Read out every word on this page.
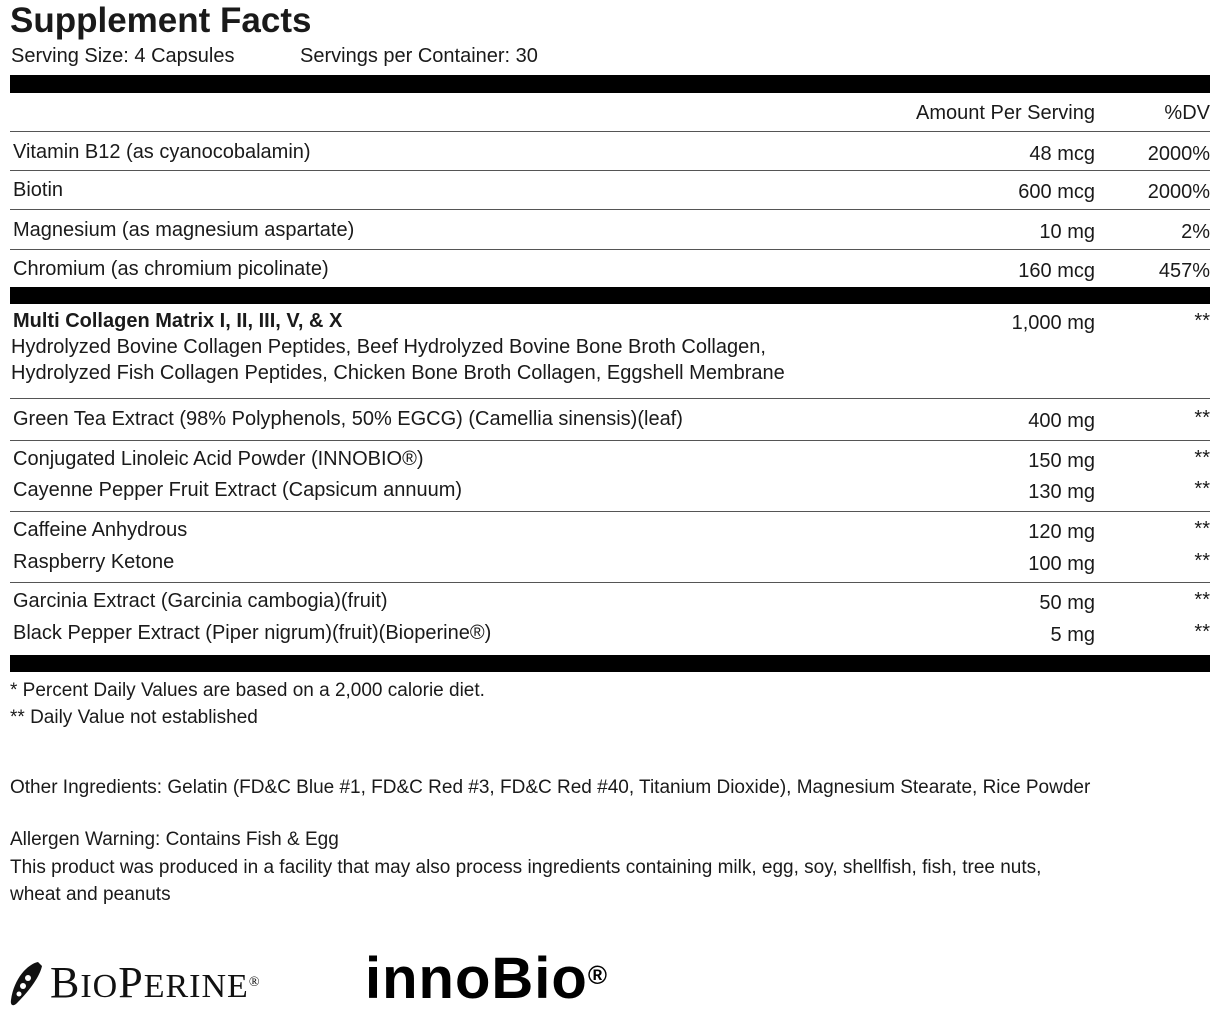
Supplement Facts
Serving Size: 4 Capsules	Servings per Container: 30
Amount Per Serving	%DV
Vitamin B12 (as cyanocobalamin)	48 mcg	2000%
Biotin	600 mcg	2000%
Magnesium (as magnesium aspartate)	10 mg	2%
Chromium (as chromium picolinate)	160 mcg	457%
Multi Collagen Matrix I, II, III, V, & X	1,000 mg	**
Hydrolyzed Bovine Collagen Peptides, Beef Hydrolyzed Bovine Bone Broth Collagen,
Hydrolyzed Fish Collagen Peptides, Chicken Bone Broth Collagen, Eggshell Membrane
Green Tea Extract (98% Polyphenols, 50% EGCG) (Camellia sinensis)(leaf)	400 mg	**
Conjugated Linoleic Acid Powder (INNOBIO®)	150 mg	**
Cayenne Pepper Fruit Extract (Capsicum annuum)	130 mg	**
Caffeine Anhydrous	120 mg	**
Raspberry Ketone	100 mg	**
Garcinia Extract (Garcinia cambogia)(fruit)	50 mg	**
Black Pepper Extract (Piper nigrum)(fruit)(Bioperine®)	5 mg	**
* Percent Daily Values are based on a 2,000 calorie diet.
** Daily Value not established
Other Ingredients: Gelatin (FD&C Blue #1, FD&C Red #3, FD&C Red #40, Titanium Dioxide), Magnesium Stearate, Rice Powder
Allergen Warning: Contains Fish & Egg
This product was produced in a facility that may also process ingredients containing milk, egg, soy, shellfish, fish, tree nuts,
wheat and peanuts
BIOPERINE® innoBio®
